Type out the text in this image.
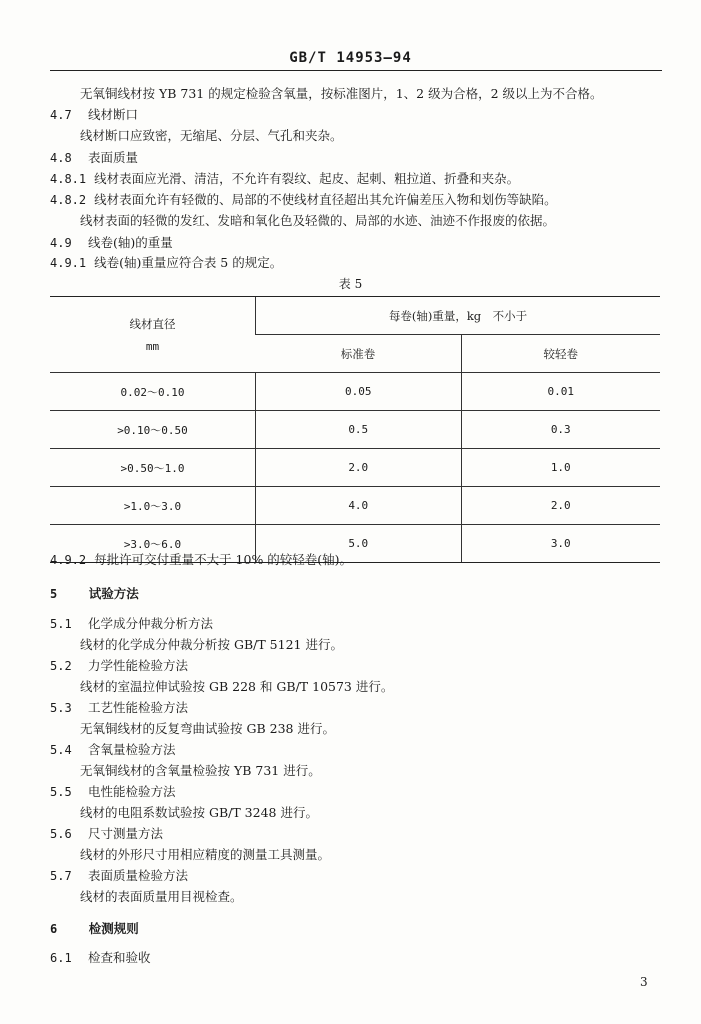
GB/T 14953—94
无氧铜线材按 YB 731 的规定检验含氧量，按标准图片，1、2 级为合格，2 级以上为不合格。
4.7 线材断口
线材断口应致密，无缩尾、分层、气孔和夹杂。
4.8 表面质量
4.8.1 线材表面应光滑、清洁，不允许有裂纹、起皮、起刺、粗拉道、折叠和夹杂。
4.8.2 线材表面允许有轻微的、局部的不使线材直径超出其允许偏差压入物和划伤等缺陷。
线材表面的轻微的发红、发暗和氧化色及轻微的、局部的水迹、油迹不作报废的依据。
4.9 线卷(轴)的重量
4.9.1 线卷(轴)重量应符合表 5 的规定。
表 5
线材直径
mm	每卷(轴)重量，kg　不小于	
	标准卷	较轻卷
0.02～0.10	0.05	0.01
>0.10～0.50	0.5	0.3
>0.50～1.0	2.0	1.0
>1.0～3.0	4.0	2.0
>3.0～6.0	5.0	3.0
4.9.2 每批许可交付重量不大于 10% 的较轻卷(轴)。
5	试验方法
5.1 化学成分仲裁分析方法
线材的化学成分仲裁分析按 GB/T 5121 进行。
5.2 力学性能检验方法
线材的室温拉伸试验按 GB 228 和 GB/T 10573 进行。
5.3 工艺性能检验方法
无氧铜线材的反复弯曲试验按 GB 238 进行。
5.4 含氧量检验方法
无氧铜线材的含氧量检验按 YB 731 进行。
5.5 电性能检验方法
线材的电阻系数试验按 GB/T 3248 进行。
5.6 尺寸测量方法
线材的外形尺寸用相应精度的测量工具测量。
5.7 表面质量检验方法
线材的表面质量用目视检查。
6	检测规则
6.1 检查和验收
3
